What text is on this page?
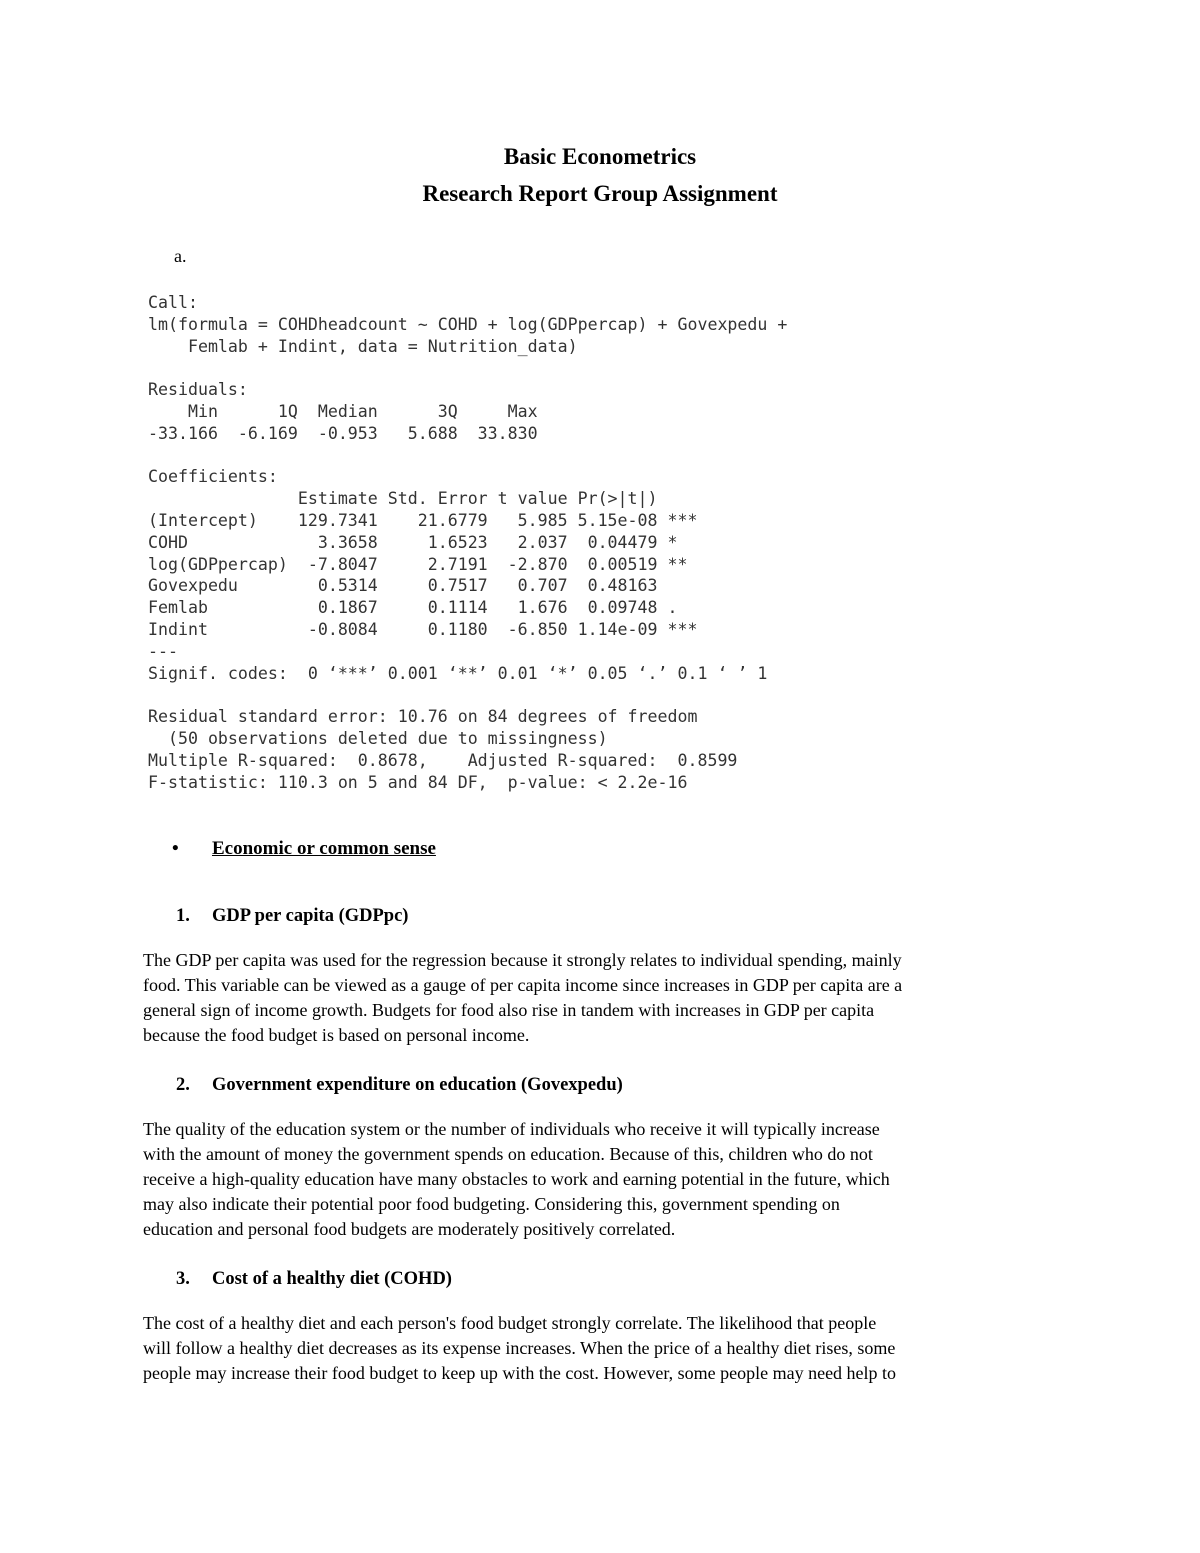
Basic Econometrics
Research Report Group Assignment
a.
Call:
lm(formula = COHDheadcount ~ COHD + log(GDPpercap) + Govexpedu +
Femlab + Indint, data = Nutrition_data)

Residuals:
Min      1Q  Median      3Q     Max
-33.166  -6.169  -0.953   5.688  33.830

Coefficients:
Estimate Std. Error t value Pr(>|t|)
(Intercept)    129.7341    21.6779   5.985 5.15e-08 ***
COHD             3.3658     1.6523   2.037  0.04479 *
log(GDPpercap)  -7.8047     2.7191  -2.870  0.00519 **
Govexpedu        0.5314     0.7517   0.707  0.48163
Femlab           0.1867     0.1114   1.676  0.09748 .
Indint          -0.8084     0.1180  -6.850 1.14e-09 ***
---
Signif. codes:  0 ‘***’ 0.001 ‘**’ 0.01 ‘*’ 0.05 ‘.’ 0.1 ‘ ’ 1

Residual standard error: 10.76 on 84 degrees of freedom
(50 observations deleted due to missingness)
Multiple R-squared:  0.8678,    Adjusted R-squared:  0.8599
F-statistic: 110.3 on 5 and 84 DF,  p-value: < 2.2e-16
• Economic or common sense
1. GDP per capita (GDPpc)
The GDP per capita was used for the regression because it strongly relates to individual spending, mainly
food. This variable can be viewed as a gauge of per capita income since increases in GDP per capita are a
general sign of income growth. Budgets for food also rise in tandem with increases in GDP per capita
because the food budget is based on personal income.
2. Government expenditure on education (Govexpedu)
The quality of the education system or the number of individuals who receive it will typically increase
with the amount of money the government spends on education. Because of this, children who do not
receive a high-quality education have many obstacles to work and earning potential in the future, which
may also indicate their potential poor food budgeting. Considering this, government spending on
education and personal food budgets are moderately positively correlated.
3. Cost of a healthy diet (COHD)
The cost of a healthy diet and each person's food budget strongly correlate. The likelihood that people
will follow a healthy diet decreases as its expense increases. When the price of a healthy diet rises, some
people may increase their food budget to keep up with the cost. However, some people may need help to
